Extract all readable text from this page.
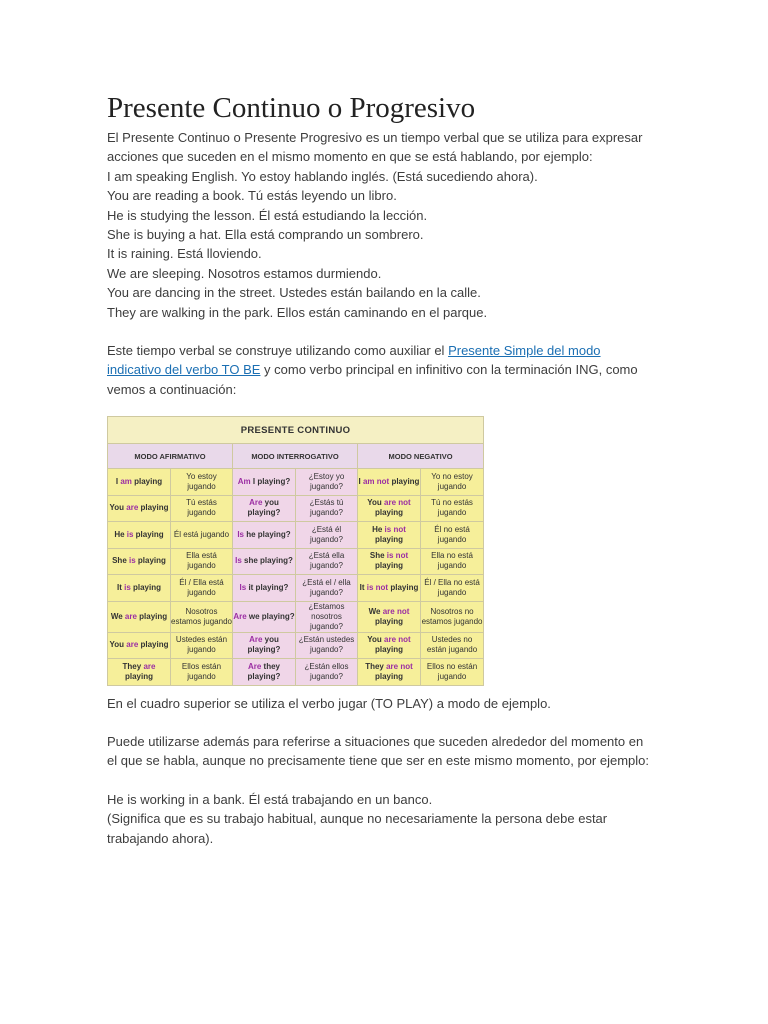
Presente Continuo o Progresivo
El Presente Continuo o Presente Progresivo es un tiempo verbal que se utiliza para expresar
acciones que suceden en el mismo momento en que se está hablando, por ejemplo:
I am speaking English. Yo estoy hablando inglés. (Está sucediendo ahora).
You are reading a book. Tú estás leyendo un libro.
He is studying the lesson. Él está estudiando la lección.
She is buying a hat. Ella está comprando un sombrero.
It is raining. Está lloviendo.
We are sleeping. Nosotros estamos durmiendo.
You are dancing in the street. Ustedes están bailando en la calle.
They are walking in the park. Ellos están caminando en el parque.
Este tiempo verbal se construye utilizando como auxiliar el Presente Simple del modo
indicativo del verbo TO BE y como verbo principal en infinitivo con la terminación ING, como
vemos a continuación:
PRESENTE CONTINUO					
MODO AFIRMATIVO		MODO INTERROGATIVO		MODO NEGATIVO	
I am playing	Yo estoy jugando	Am I playing?	¿Estoy yo jugando?	I am not playing	Yo no estoy jugando
You are playing	Tú estás jugando	Are you playing?	¿Estás tú jugando?	You are not playing	Tú no estás jugando
He is playing	Él está jugando	Is he playing?	¿Está él jugando?	He is not playing	Él no está jugando
She is playing	Ella está jugando	Is she playing?	¿Está ella jugando?	She is not playing	Ella no está jugando
It is playing	Él / Ella está jugando	Is it playing?	¿Está el / ella jugando?	It is not playing	Él / Ella no está jugando
We are playing	Nosotros estamos jugando	Are we playing?	¿Estamos nosotros jugando?	We are not playing	Nosotros no estamos jugando
You are playing	Ustedes están jugando	Are you playing?	¿Están ustedes jugando?	You are not playing	Ustedes no están jugando
They are playing	Ellos están jugando	Are they playing?	¿Están ellos jugando?	They are not playing	Ellos no están jugando
En el cuadro superior se utiliza el verbo jugar (TO PLAY) a modo de ejemplo.
Puede utilizarse además para referirse a situaciones que suceden alrededor del momento en
el que se habla, aunque no precisamente tiene que ser en este mismo momento, por ejemplo:
He is working in a bank. Él está trabajando en un banco.
(Significa que es su trabajo habitual, aunque no necesariamente la persona debe estar
trabajando ahora).
